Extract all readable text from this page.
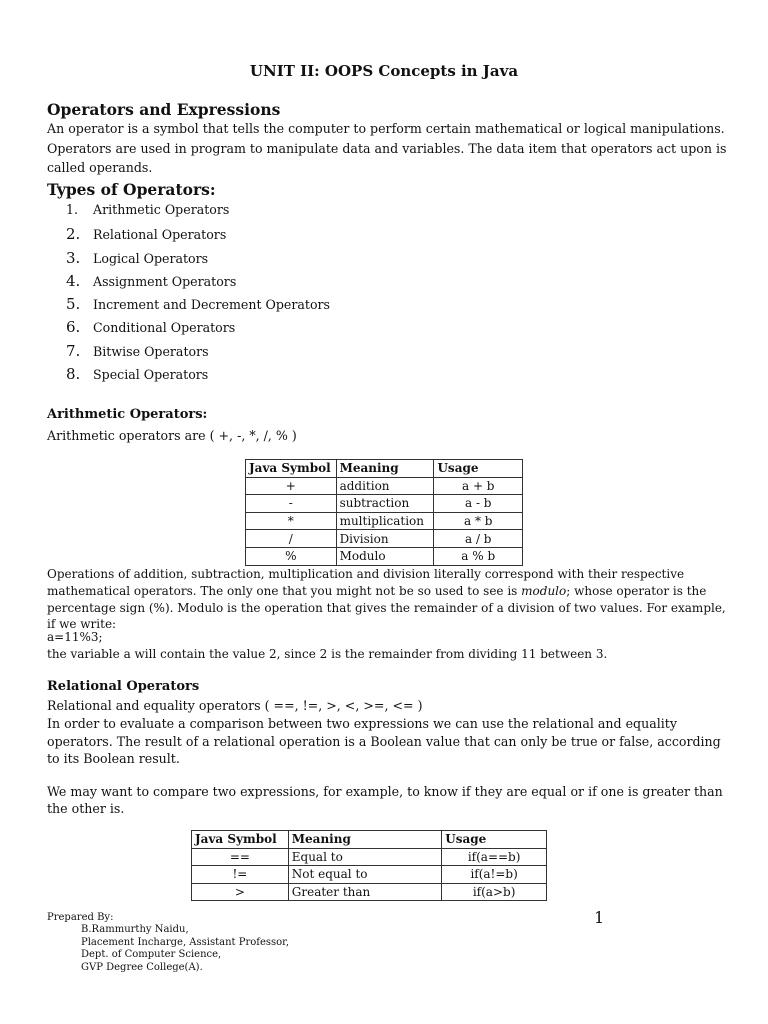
UNIT II: OOPS Concepts in Java
Operators and Expressions
An operator is a symbol that tells the computer to perform certain mathematical or logical manipulations. Operators are used in program to manipulate data and variables. The data item that operators act upon is called operands.
Types of Operators:
1.	Arithmetic Operators
2.	Relational Operators
3.	Logical Operators
4.	Assignment Operators
5.	Increment and Decrement Operators
6.	Conditional Operators
7.	Bitwise Operators
8.	Special Operators
Arithmetic Operators:
Arithmetic operators are ( +, -, *, /, % )
Java Symbol	Meaning	Usage
+	addition	a + b
-	subtraction	a - b
*	multiplication	a * b
/	Division	a / b
%	Modulo	a % b
Operations of addition, subtraction, multiplication and division literally correspond with their respective mathematical operators. The only one that you might not be so used to see is modulo; whose operator is the percentage sign (%). Modulo is the operation that gives the remainder of a division of two values. For example, if we write:
a=11%3;
the variable a will contain the value 2, since 2 is the remainder from dividing 11 between 3.
Relational Operators
Relational and equality operators ( ==, !=, >, <, >=, <= )
In order to evaluate a comparison between two expressions we can use the relational and equality operators. The result of a relational operation is a Boolean value that can only be true or false, according to its Boolean result.
We may want to compare two expressions, for example, to know if they are equal or if one is greater than the other is.
Java Symbol	Meaning	Usage
==	Equal to	if(a==b)
!=	Not equal to	if(a!=b)
>	Greater than	if(a>b)
Prepared By:
B.Rammurthy Naidu,
Placement Incharge, Assistant Professor,
Dept. of Computer Science,
GVP Degree College(A).
1
